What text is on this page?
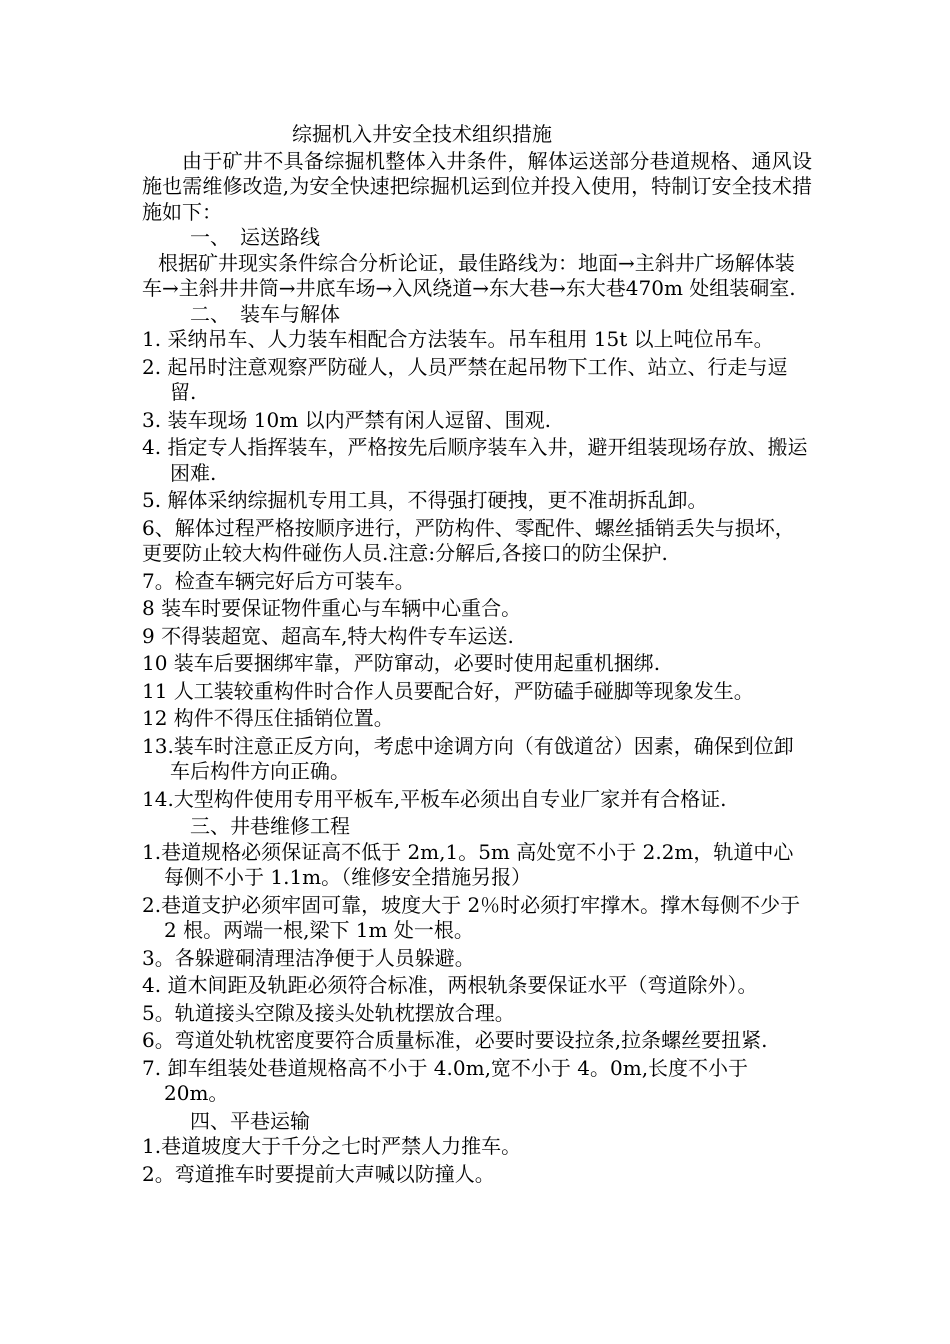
综掘机入井安全技术组织措施
由于矿井不具备综掘机整体入井条件，解体运送部分巷道规格、通风设施也需维修改造,为安全快速把综掘机运到位并投入使用，特制订安全技术措施如下：
一、　运送路线
根据矿井现实条件综合分析论证，最佳路线为：地面→主斜井广场解体装车→主斜井井筒→井底车场→入风绕道→东大巷→东大巷470m 处组装硐室.
二、　装车与解体
1. 采纳吊车、人力装车相配合方法装车。吊车租用 15t 以上吨位吊车。
2. 起吊时注意观察严防碰人，人员严禁在起吊物下工作、站立、行走与逗留.
3. 装车现场 10m 以内严禁有闲人逗留、围观.
4. 指定专人指挥装车，严格按先后顺序装车入井，避开组装现场存放、搬运困难.
5. 解体采纳综掘机专用工具，不得强打硬拽，更不准胡拆乱卸。
6、解体过程严格按顺序进行，严防构件、零配件、螺丝插销丢失与损坏，更要防止较大构件碰伤人员.注意:分解后,各接口的防尘保护.
7。检查车辆完好后方可装车。
8 装车时要保证物件重心与车辆中心重合。
9 不得装超宽、超高车,特大构件专车运送.
10 装车后要捆绑牢靠，严防窜动，必要时使用起重机捆绑.
11 人工装较重构件时合作人员要配合好，严防磕手碰脚等现象发生。
12 构件不得压住插销位置。
13.装车时注意正反方向，考虑中途调方向（有戗道岔）因素，确保到位卸车后构件方向正确。
14.大型构件使用专用平板车,平板车必须出自专业厂家并有合格证.
三、井巷维修工程
1.巷道规格必须保证高不低于 2m,1。5m 高处宽不小于 2.2m，轨道中心每侧不小于 1.1m。（维修安全措施另报）
2.巷道支护必须牢固可靠，坡度大于 2％时必须打牢撑木。撑木每侧不少于 2 根。两端一根,梁下 1m 处一根。
3。各躲避硐清理洁净便于人员躲避。
4. 道木间距及轨距必须符合标准，两根轨条要保证水平（弯道除外）。
5。轨道接头空隙及接头处轨枕摆放合理。
6。弯道处轨枕密度要符合质量标准，必要时要设拉条,拉条螺丝要扭紧.
7. 卸车组装处巷道规格高不小于 4.0m,宽不小于 4。0m,长度不小于 20m。
四、平巷运输
1.巷道坡度大于千分之七时严禁人力推车。
2。弯道推车时要提前大声喊以防撞人。
